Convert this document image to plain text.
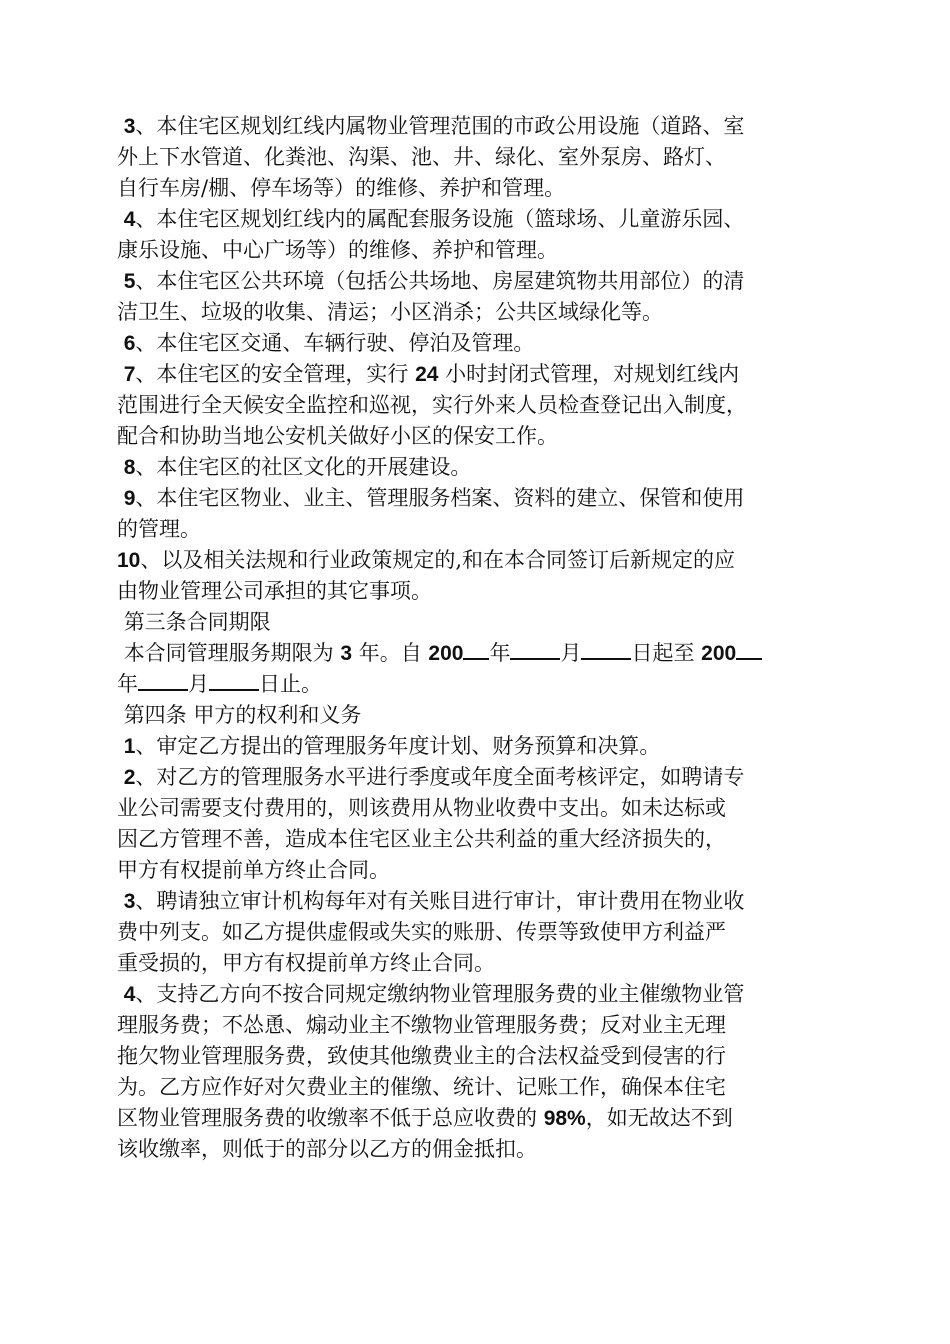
3、本住宅区规划红线内属物业管理范围的市政公用设施（道路、室
外上下水管道、化粪池、沟渠、池、井、绿化、室外泵房、路灯、
自行车房/棚、停车场等）的维修、养护和管理。
4、本住宅区规划红线内的属配套服务设施（篮球场、儿童游乐园、
康乐设施、中心广场等）的维修、养护和管理。
5、本住宅区公共环境（包括公共场地、房屋建筑物共用部位）的清
洁卫生、垃圾的收集、清运；小区消杀；公共区域绿化等。
6、本住宅区交通、车辆行驶、停泊及管理。
7、本住宅区的安全管理，实行 24 小时封闭式管理，对规划红线内
范围进行全天候安全监控和巡视，实行外来人员检查登记出入制度，
配合和协助当地公安机关做好小区的保安工作。
8、本住宅区的社区文化的开展建设。
9、本住宅区物业、业主、管理服务档案、资料的建立、保管和使用
的管理。
10、以及相关法规和行业政策规定的,和在本合同签订后新规定的应
由物业管理公司承担的其它事项。
第三条合同期限
本合同管理服务期限为 3 年。自 200 年 月 日起至 200
年 月 日止。
第四条 甲方的权利和义务
1、审定乙方提出的管理服务年度计划、财务预算和决算。
2、对乙方的管理服务水平进行季度或年度全面考核评定，如聘请专
业公司需要支付费用的，则该费用从物业收费中支出。如未达标或
因乙方管理不善，造成本住宅区业主公共利益的重大经济损失的，
甲方有权提前单方终止合同。
3、聘请独立审计机构每年对有关账目进行审计，审计费用在物业收
费中列支。如乙方提供虚假或失实的账册、传票等致使甲方利益严
重受损的，甲方有权提前单方终止合同。
4、支持乙方向不按合同规定缴纳物业管理服务费的业主催缴物业管
理服务费；不怂恿、煽动业主不缴物业管理服务费；反对业主无理
拖欠物业管理服务费，致使其他缴费业主的合法权益受到侵害的行
为。乙方应作好对欠费业主的催缴、统计、记账工作，确保本住宅
区物业管理服务费的收缴率不低于总应收费的 98%，如无故达不到
该收缴率，则低于的部分以乙方的佣金抵扣。
